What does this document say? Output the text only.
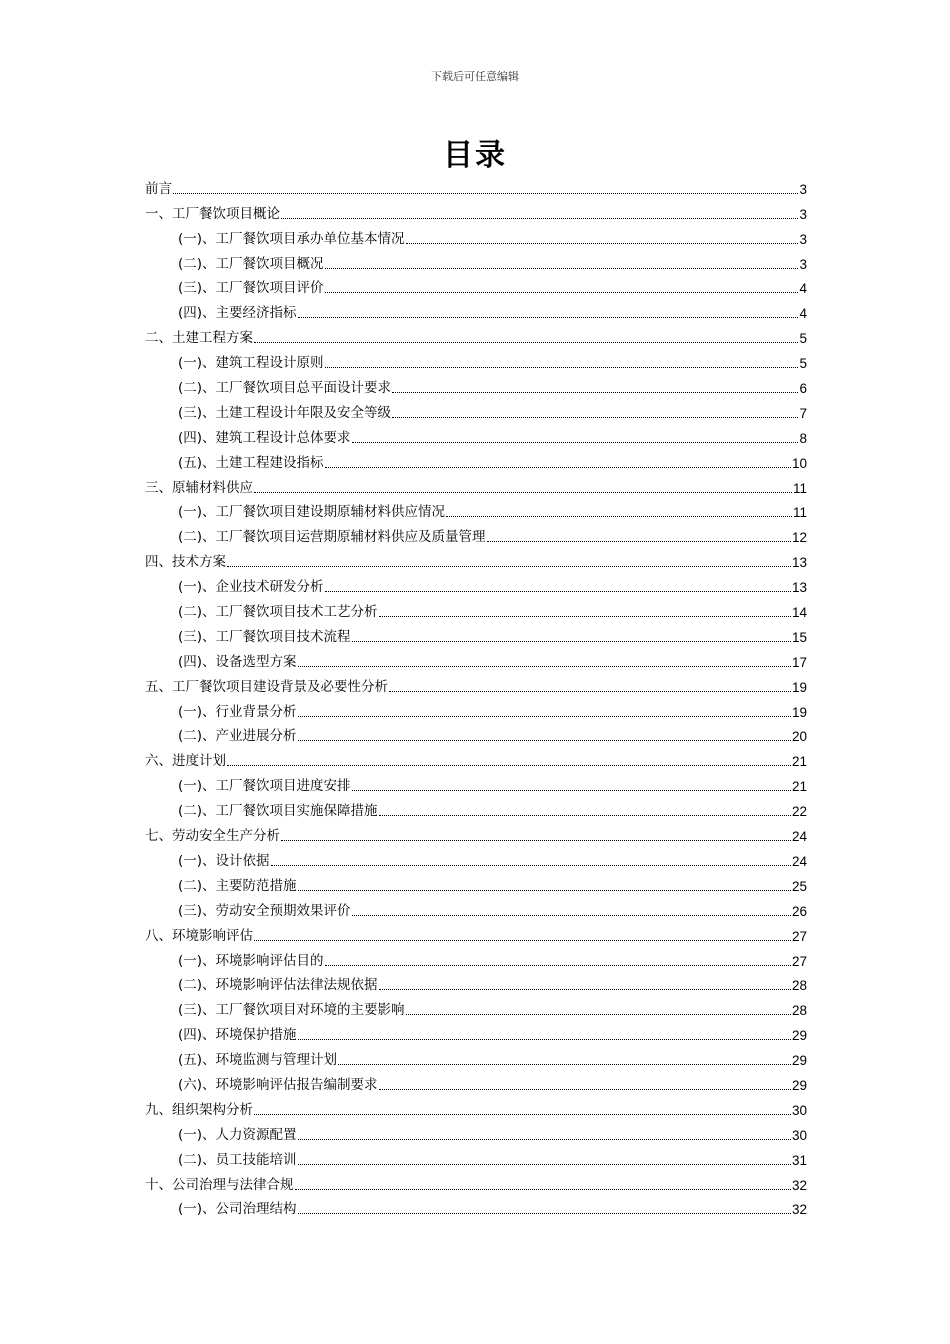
下载后可任意编辑
目录
前言	3
一、工厂餐饮项目概论	3
(一)、工厂餐饮项目承办单位基本情况	3
(二)、工厂餐饮项目概况	3
(三)、工厂餐饮项目评价	4
(四)、主要经济指标	4
二、土建工程方案	5
(一)、建筑工程设计原则	5
(二)、工厂餐饮项目总平面设计要求	6
(三)、土建工程设计年限及安全等级	7
(四)、建筑工程设计总体要求	8
(五)、土建工程建设指标	10
三、原辅材料供应	11
(一)、工厂餐饮项目建设期原辅材料供应情况	11
(二)、工厂餐饮项目运营期原辅材料供应及质量管理	12
四、技术方案	13
(一)、企业技术研发分析	13
(二)、工厂餐饮项目技术工艺分析	14
(三)、工厂餐饮项目技术流程	15
(四)、设备选型方案	17
五、工厂餐饮项目建设背景及必要性分析	19
(一)、行业背景分析	19
(二)、产业进展分析	20
六、进度计划	21
(一)、工厂餐饮项目进度安排	21
(二)、工厂餐饮项目实施保障措施	22
七、劳动安全生产分析	24
(一)、设计依据	24
(二)、主要防范措施	25
(三)、劳动安全预期效果评价	26
八、环境影响评估	27
(一)、环境影响评估目的	27
(二)、环境影响评估法律法规依据	28
(三)、工厂餐饮项目对环境的主要影响	28
(四)、环境保护措施	29
(五)、环境监测与管理计划	29
(六)、环境影响评估报告编制要求	29
九、组织架构分析	30
(一)、人力资源配置	30
(二)、员工技能培训	31
十、公司治理与法律合规	32
(一)、公司治理结构	32
